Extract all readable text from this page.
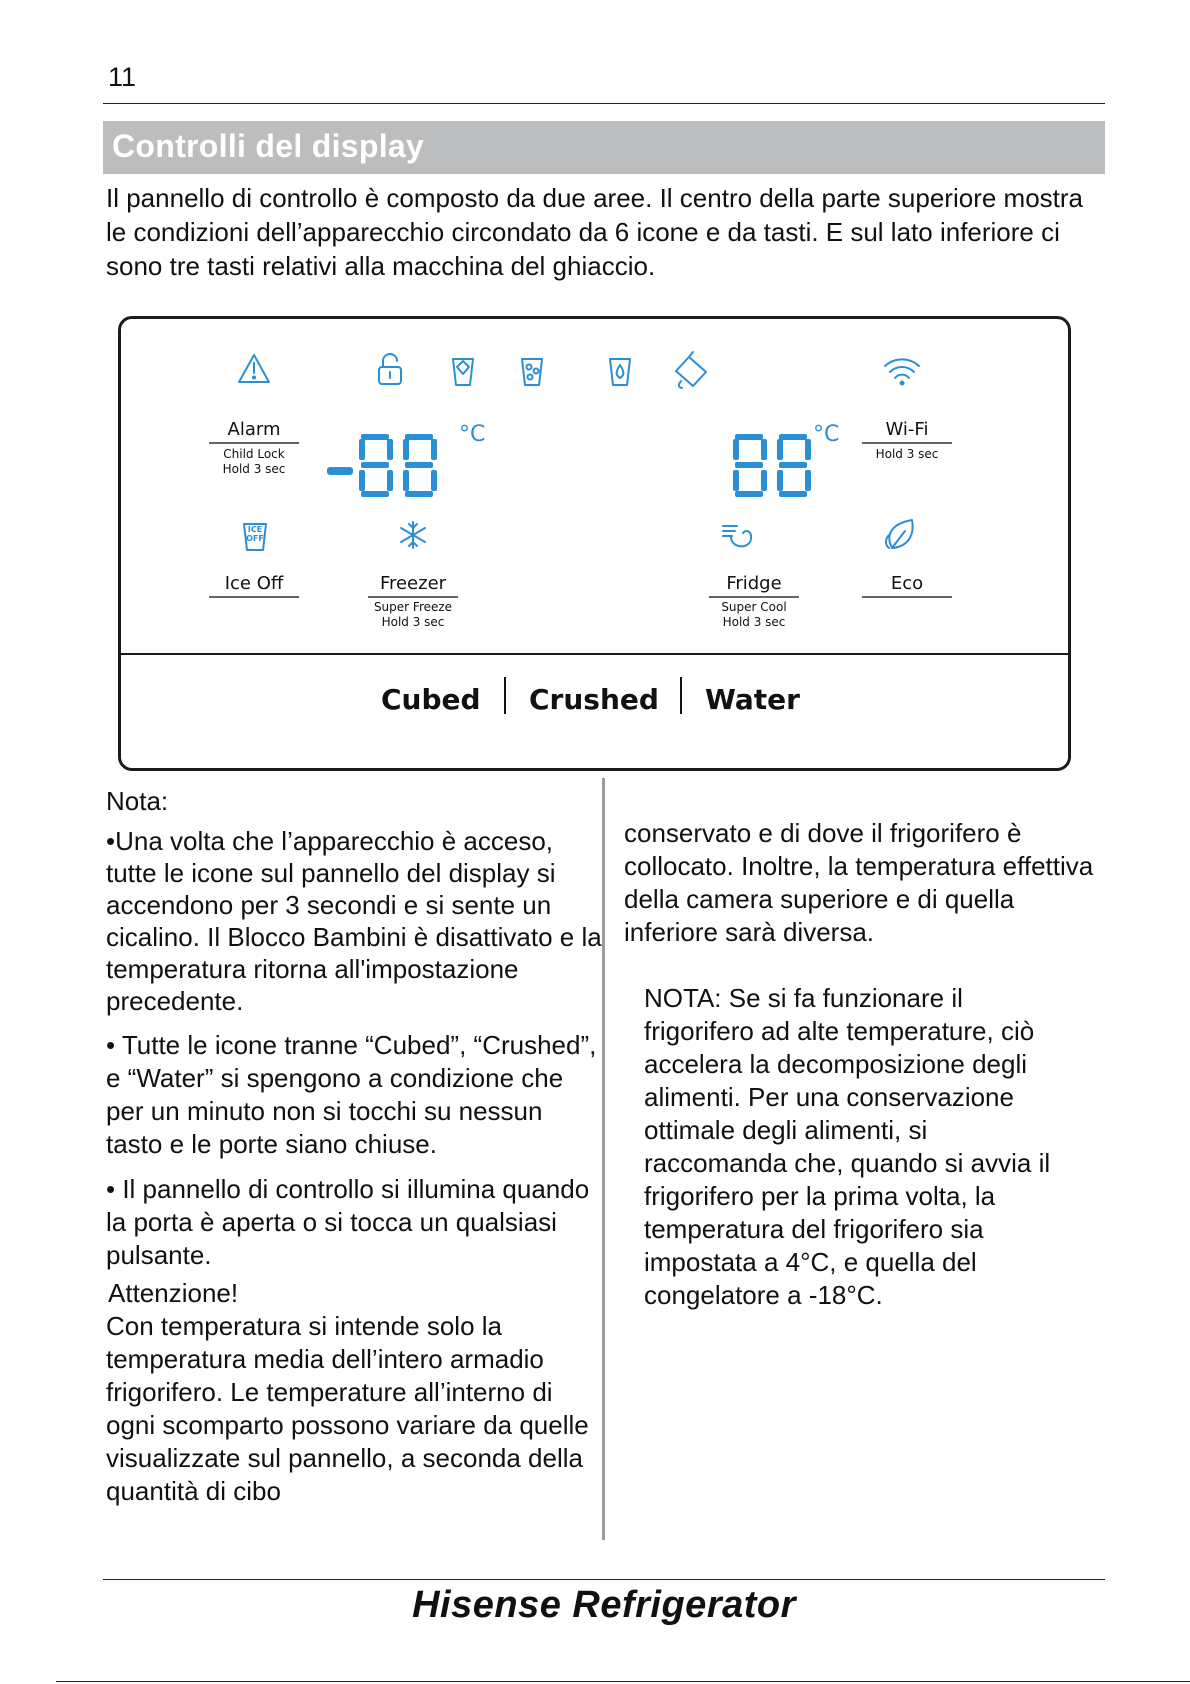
11
Controlli del display
Il pannello di controllo è composto da due aree. Il centro della parte superiore mostra le condizioni dell’apparecchio circondato da 6 icone e da tasti. E sul lato inferiore ci sono tre tasti relativi alla macchina del ghiaccio.
ICE OFF
°C	°C
Alarm
Child Lock
Hold 3 sec
Wi-Fi
Hold 3 sec
Ice Off	Freezer
Super Freeze
Hold 3 sec
Fridge
Super Cool
Hold 3 sec
Eco
Cubed Crushed Water

Nota:

•Una volta che l’apparecchio è acceso, tutte le icone sul pannello del display si accendono per 3 secondi e si sente un cicalino. Il Blocco Bambini è disattivato e la temperatura ritorna all'impostazione precedente.

• Tutte le icone tranne “Cubed”, “Crushed”, e “Water” si spengono a condizione che per un minuto non si tocchi su nessun tasto e le porte siano chiuse.

• Il pannello di controllo si illumina quando la porta è aperta o si tocca un qualsiasi pulsante.

Attenzione!

Con temperatura si intende solo la temperatura media dell’intero armadio frigorifero. Le temperature all’interno di ogni scomparto possono variare da quelle visualizzate sul pannello, a seconda della quantità di cibo

conservato e di dove il frigorifero è collocato. Inoltre, la temperatura effettiva della camera superiore e di quella inferiore sarà diversa.

NOTA: Se si fa funzionare il frigorifero ad alte temperature, ciò accelera la decomposizione degli alimenti. Per una conservazione ottimale degli alimenti, si raccomanda che, quando si avvia il frigorifero per la prima volta, la temperatura del frigorifero sia impostata a 4°C, e quella del congelatore a -18°C.

Hisense Refrigerator
